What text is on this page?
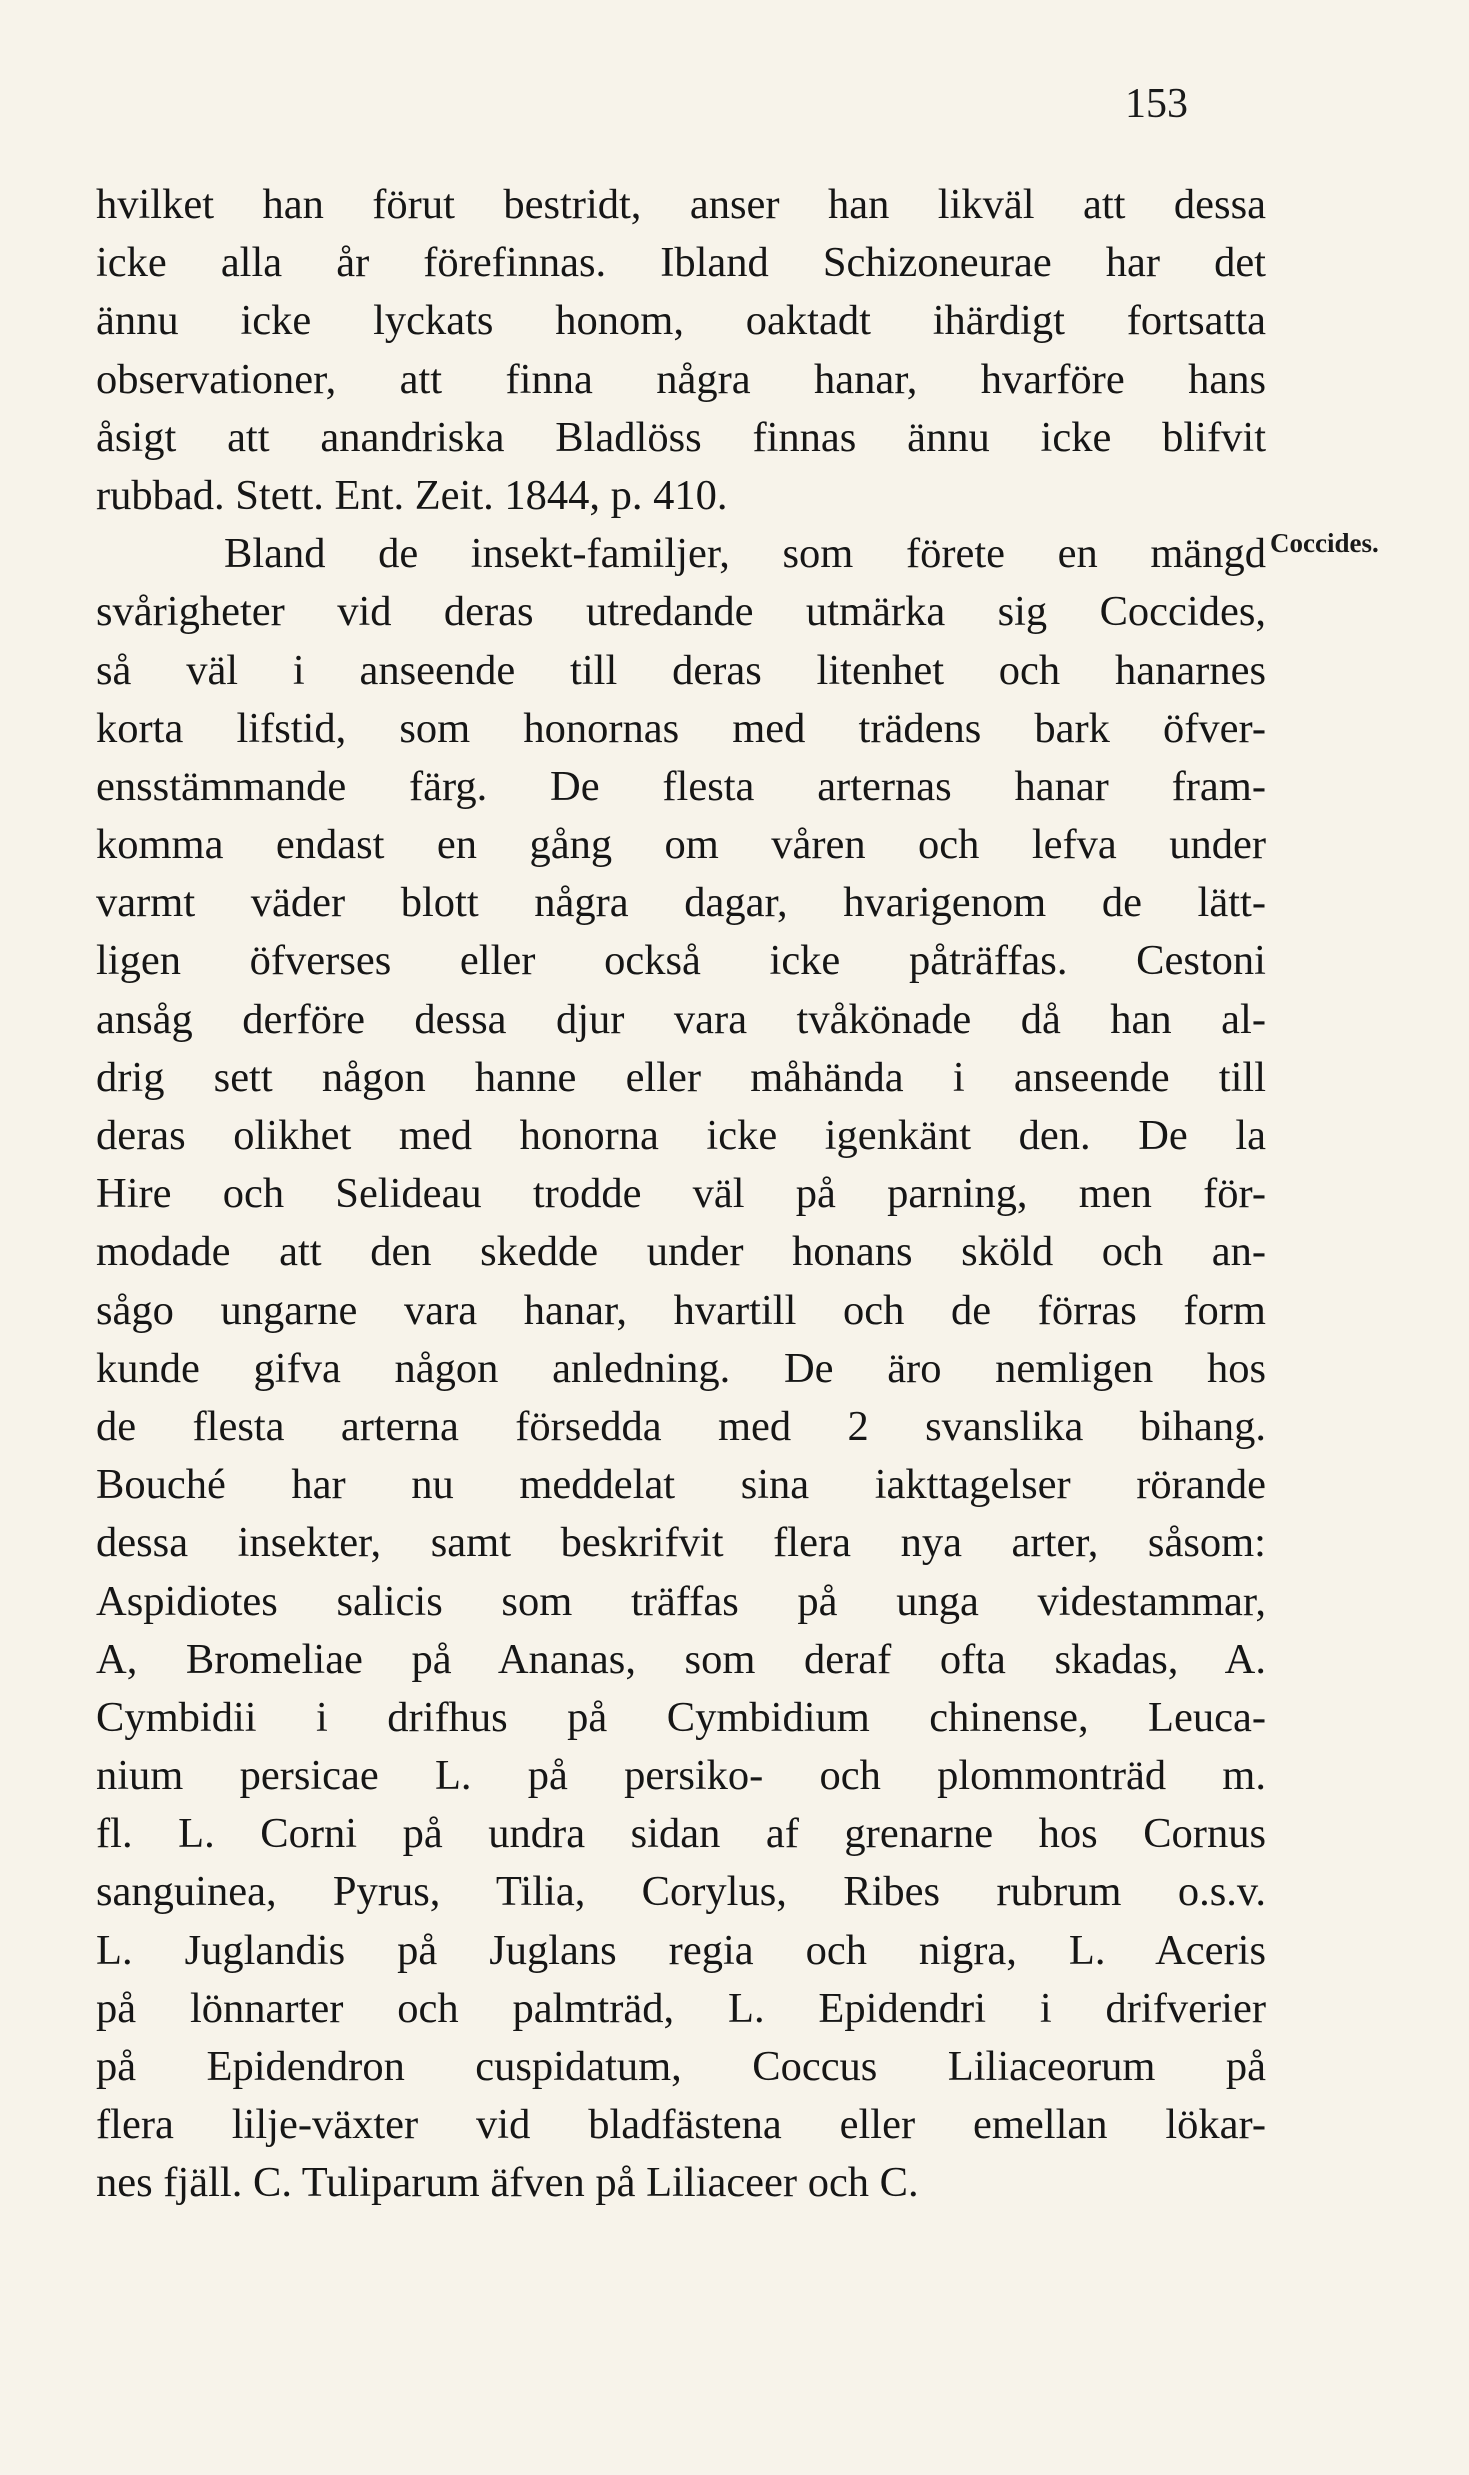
153
Coccides.
hvilket han förut bestridt, anser han likväl att dessa
icke alla år förefinnas. Ibland Schizoneurae har det
ännu icke lyckats honom, oaktadt ihärdigt fortsatta
observationer, att finna några hanar, hvarföre hans
åsigt att anandriska Bladlöss finnas ännu icke blifvit
rubbad. Stett. Ent. Zeit. 1844, p. 410.
Bland de insekt-familjer, som förete en mängd
svårigheter vid deras utredande utmärka sig Coccides,
så väl i anseende till deras litenhet och hanarnes
korta lifstid, som honornas med trädens bark öfver-
ensstämmande färg. De flesta arternas hanar fram-
komma endast en gång om våren och lefva under
varmt väder blott några dagar, hvarigenom de lätt-
ligen öfverses eller också icke påträffas. Cestoni
ansåg derföre dessa djur vara tvåkönade då han al-
drig sett någon hanne eller måhända i anseende till
deras olikhet med honorna icke igenkänt den. De la
Hire och Selideau trodde väl på parning, men för-
modade att den skedde under honans sköld och an-
sågo ungarne vara hanar, hvartill och de förras form
kunde gifva någon anledning. De äro nemligen hos
de flesta arterna försedda med 2 svanslika bihang.
Bouché har nu meddelat sina iakttagelser rörande
dessa insekter, samt beskrifvit flera nya arter, såsom:
Aspidiotes salicis som träffas på unga videstammar,
A, Bromeliae på Ananas, som deraf ofta skadas, A.
Cymbidii i drifhus på Cymbidium chinense, Leuca-
nium persicae L. på persiko- och plommonträd m.
fl. L. Corni på undra sidan af grenarne hos Cornus
sanguinea, Pyrus, Tilia, Corylus, Ribes rubrum o.s.v.
L. Juglandis på Juglans regia och nigra, L. Aceris
på lönnarter och palmträd, L. Epidendri i drifverier
på Epidendron cuspidatum, Coccus Liliaceorum på
flera lilje-växter vid bladfästena eller emellan lökar-
nes fjäll. C. Tuliparum äfven på Liliaceer och C.
